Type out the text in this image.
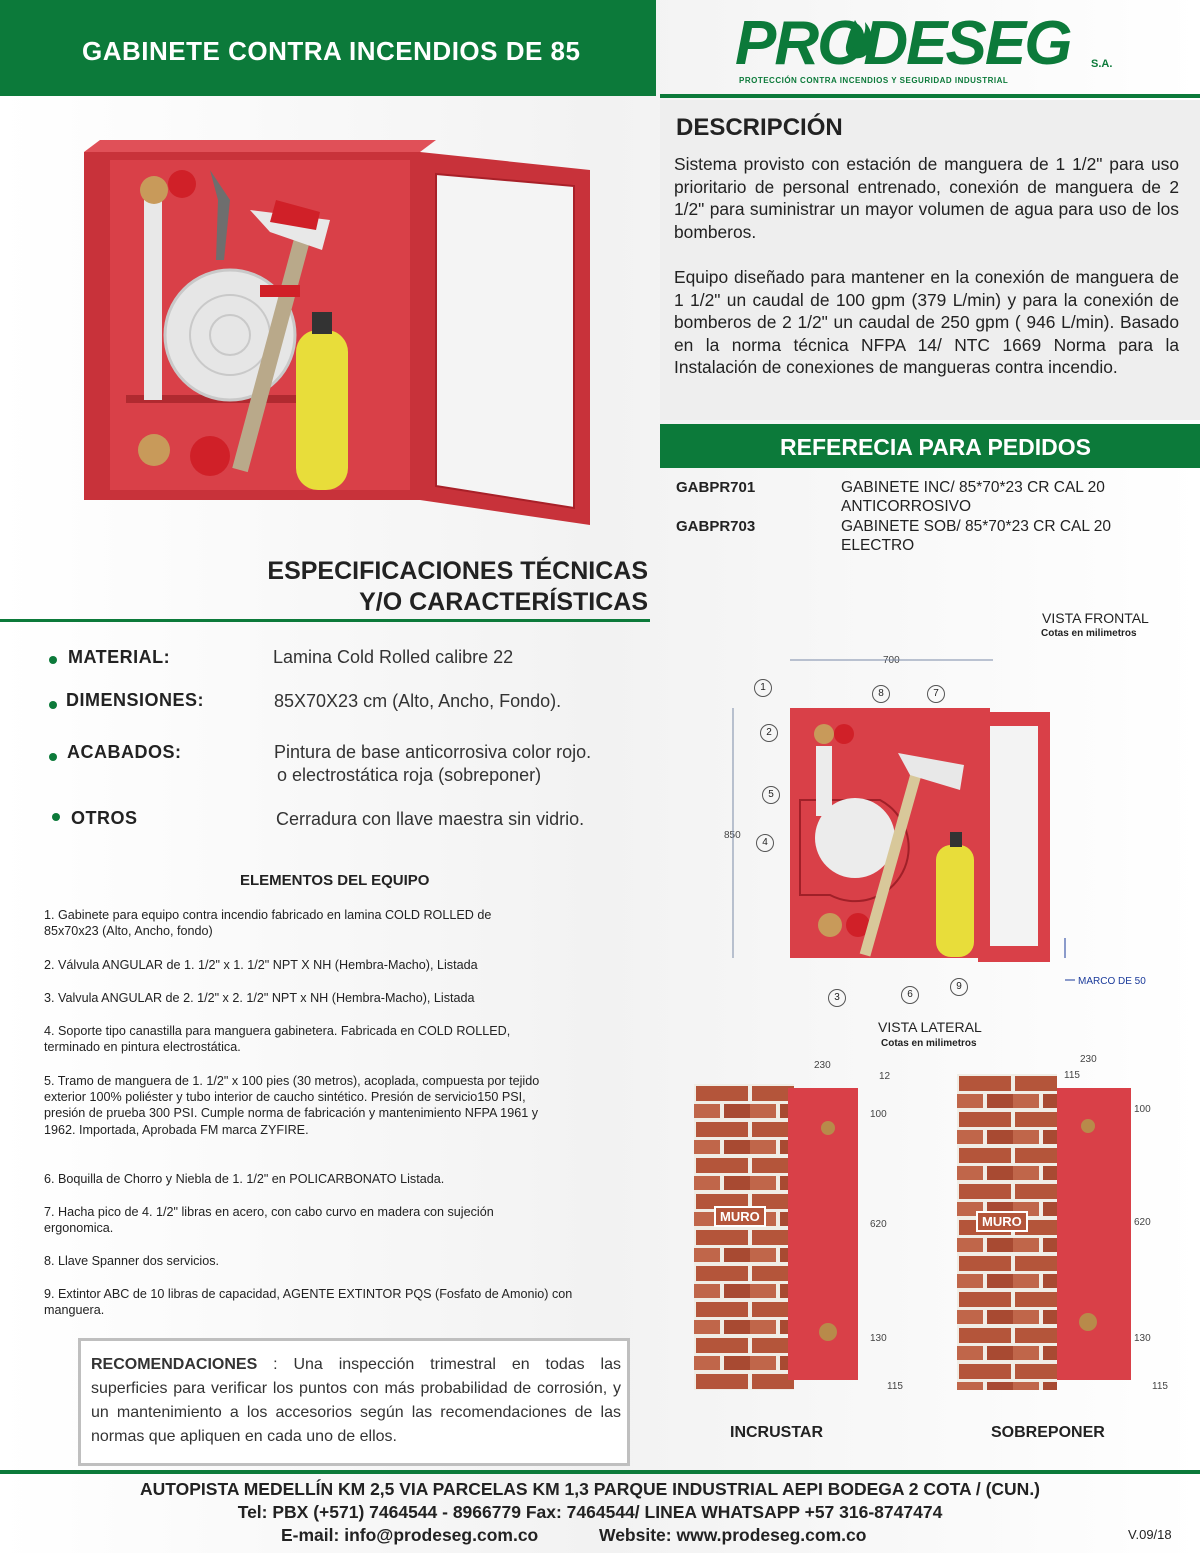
GABINETE CONTRA INCENDIOS DE 85 PRODESEG S.A.
PROTECCIÓN CONTRA INCENDIOS Y SEGURIDAD INDUSTRIAL
DESCRIPCIÓN

Sistema provisto con estación de manguera de 1 1/2" para uso prioritario de personal entrenado, conexión de manguera de 2 1/2" para suministrar un mayor volumen de agua para uso de los bomberos.

Equipo diseñado para mantener en la conexión de manguera de 1 1/2" un caudal de 100 gpm (379 L/min) y para la conexión de bomberos de 2 1/2" un caudal de 250 gpm ( 946 L/min). Basado en la norma técnica NFPA 14/ NTC 1669 Norma para la Instalación de conexiones de mangueras contra incendio.

REFERECIA PARA PEDIDOS
GABPR701	GABINETE INC/ 85*70*23 CR CAL 20 ANTICORROSIVO
GABPR703	GABINETE SOB/ 85*70*23 CR CAL 20 ELECTRO
ESPECIFICACIONES TÉCNICAS
Y/O CARACTERÍSTICAS
MATERIAL:	Lamina Cold Rolled calibre 22
DIMENSIONES:	85X70X23 cm (Alto, Ancho, Fondo).
ACABADOS:	Pintura de base anticorrosiva color rojo.
o electrostática roja (sobreponer)
OTROS	Cerradura con llave maestra sin vidrio.
ELEMENTOS DEL EQUIPO
1. Gabinete para equipo contra incendio fabricado en lamina COLD ROLLED de 85x70x23 (Alto, Ancho, fondo)
2. Válvula ANGULAR de 1. 1/2" x 1. 1/2" NPT X NH (Hembra-Macho), Listada
3. Valvula ANGULAR de 2. 1/2" x 2. 1/2" NPT x NH (Hembra-Macho), Listada
4. Soporte tipo canastilla para manguera gabinetera. Fabricada en COLD ROLLED, terminado en pintura electrostática.
5. Tramo de manguera de 1. 1/2" x 100 pies (30 metros), acoplada, compuesta por tejido exterior 100% poliéster y tubo interior de caucho sintético. Presión de servicio150 PSI, presión de prueba 300 PSI. Cumple norma de fabricación y mantenimiento NFPA 1961 y 1962. Importada, Aprobada FM marca ZYFIRE.
6. Boquilla de Chorro y Niebla de 1. 1/2" en POLICARBONATO Listada.
7. Hacha pico de 4. 1/2" libras en acero, con cabo curvo en madera con sujeción ergonomica.
8. Llave Spanner dos servicios.
9. Extintor ABC de 10 libras de capacidad, AGENTE EXTINTOR PQS (Fosfato de Amonio) con manguera.

RECOMENDACIONES : Una inspección trimestral en todas las superficies para verificar los puntos con más probabilidad de corrosión, y un mantenimiento a los accesorios según las recomendaciones de las normas que apliquen en cada uno de ellos.

VISTA FRONTAL
Cotas en milimetros
700
850
MARCO DE 50
1
2
3
4
5
6
7
8
9
VISTA LATERAL
Cotas en milimetros
MURO
230
12
100
620
130
115
INCRUSTAR
MURO
230
115
100
620
130
115
SOBREPONER
AUTOPISTA MEDELLÍN KM 2,5 VIA PARCELAS KM 1,3 PARQUE INDUSTRIAL AEPI BODEGA 2 COTA / (CUN.)
Tel: PBX (+571) 7464544 - 8966779 Fax: 7464544/ LINEA WHATSAPP +57 316-8747474
E-mail: info@prodeseg.com.co	Website: www.prodeseg.com.co	V.09/18
